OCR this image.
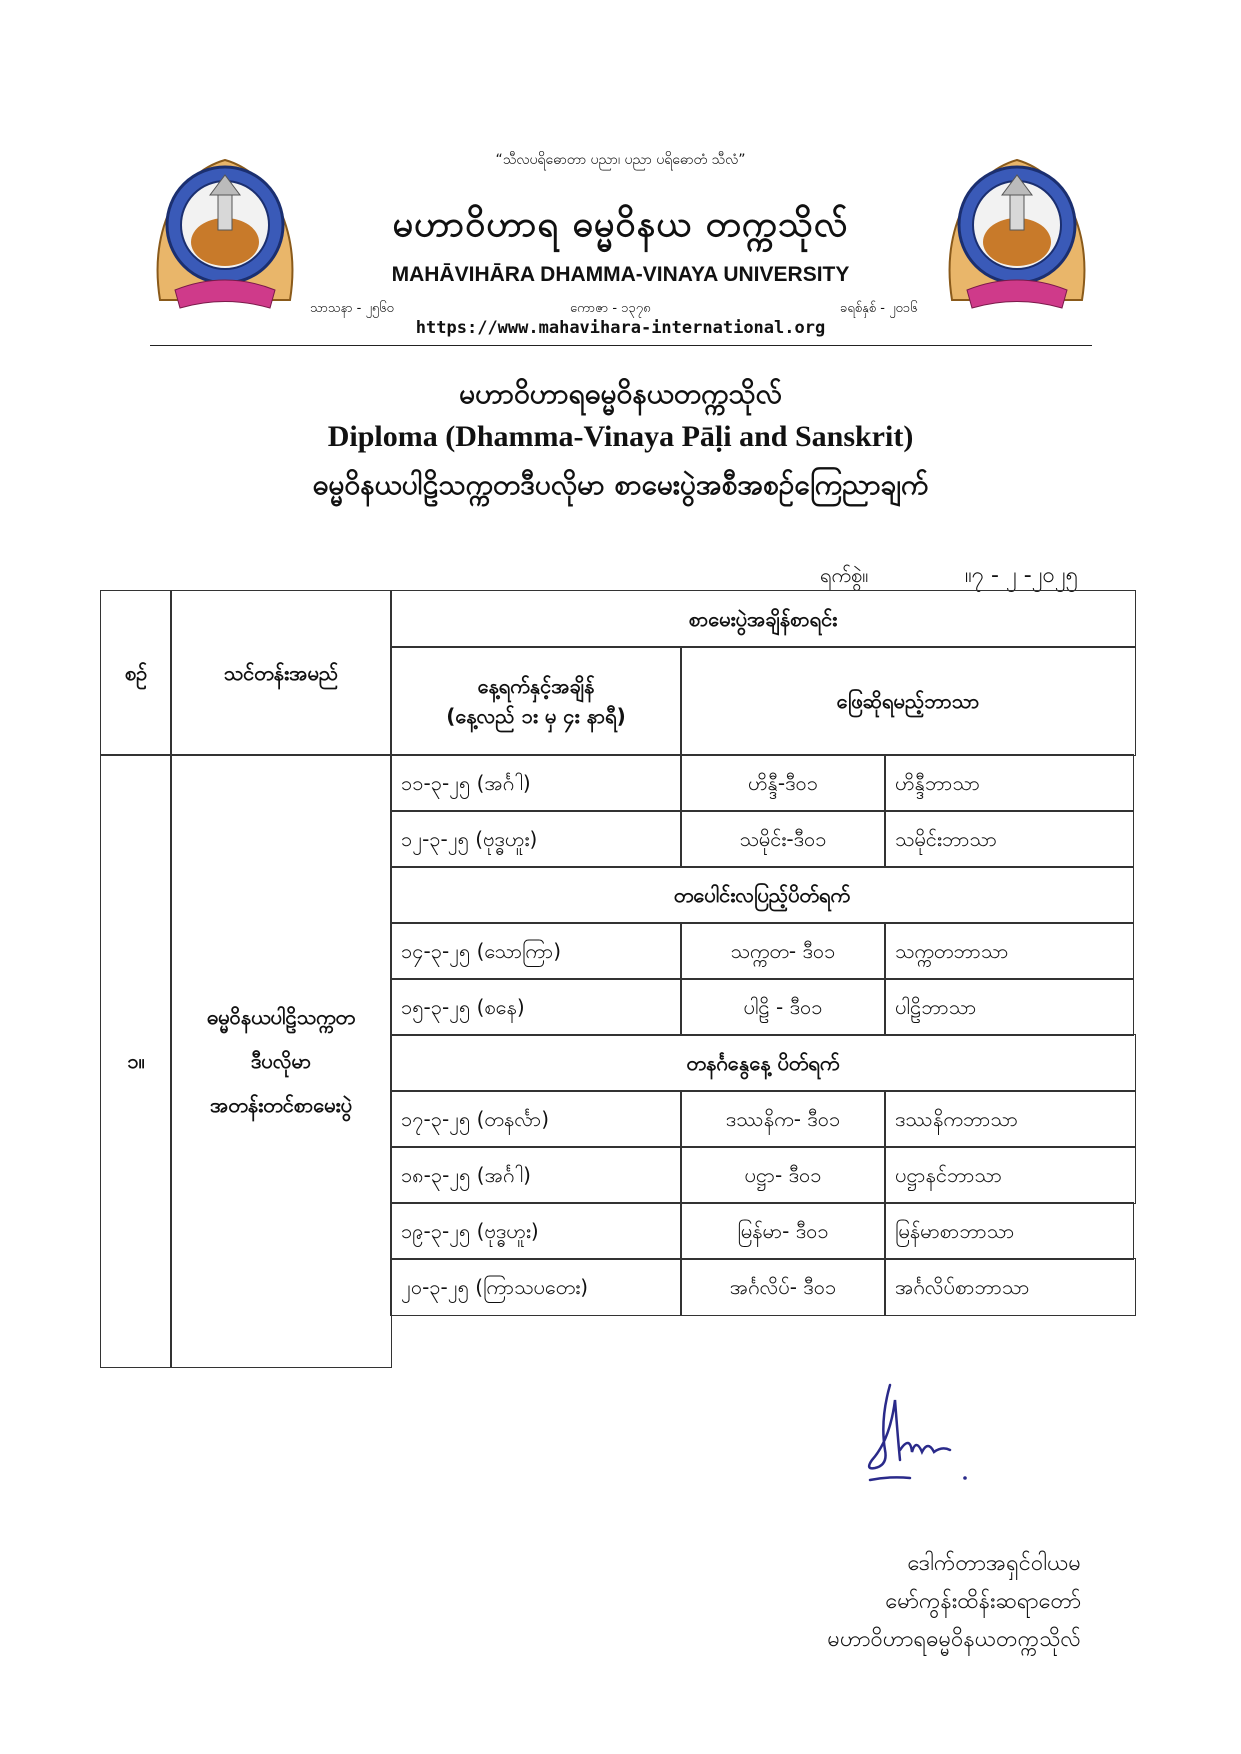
“သီလပရိဓောတာ ပညာ၊ ပညာ ပရိဓောတံ သီလံ”
မဟာဝိဟာရ ဓမ္မဝိနယ တက္ကသိုလ်
MAHĀVIHĀRA DHAMMA-VINAYA UNIVERSITY
သာသနာ - ၂၅၆၀	ကောဇာ - ၁၃၇၈	ခရစ်နှစ် - ၂၀၁၆
https://www.mahavihara-international.org
မဟာဝိဟာရဓမ္မဝိနယတက္ကသိုလ်
Diploma (Dhamma-Vinaya Pāḷi and Sanskrit)
ဓမ္မဝိနယပါဠိသက္ကတဒီပလိုမာ စာမေးပွဲအစီအစဉ်ကြေညာချက်
ရက်စွဲ။	။၇ - ၂ -၂၀၂၅
စဉ်	သင်တန်းအမည်
စာမေးပွဲအချိန်စာရင်း
နေ့ရက်နှင့်အချိန်
(နေ့လည် ၁း မှ ၄း နာရီ)
ဖြေဆိုရမည့်ဘာသာ
၁။
ဓမ္မဝိနယပါဠိသက္ကတ
ဒီပလိုမာ
အတန်းတင်စာမေးပွဲ
၁၁-၃-၂၅ (အင်္ဂါ)	ဟိန္ဒီ-ဒီ၀၁	ဟိန္ဒီဘာသာ
၁၂-၃-၂၅ (ဗုဒ္ဓဟူး)	သမိုင်း-ဒီ၀၁	သမိုင်းဘာသာ
တပေါင်းလပြည့်ပိတ်ရက်
၁၄-၃-၂၅ (သောကြာ)	သက္ကတ- ဒီ၀၁	သက္ကတဘာသာ
၁၅-၃-၂၅ (စနေ)	ပါဠိ - ဒီ၀၁	ပါဠိဘာသာ
တနင်္ဂနွေနေ့ ပိတ်ရက်
၁၇-၃-၂၅ (တနင်္လာ)	ဒဿနိက- ဒီ၀၁	ဒဿနိကဘာသာ
၁၈-၃-၂၅ (အင်္ဂါ)	ပဋ္ဌာ- ဒီ၀၁	ပဋ္ဌာနင်ဘာသာ
၁၉-၃-၂၅ (ဗုဒ္ဓဟူး)	မြန်မာ- ဒီ၀၁	မြန်မာစာဘာသာ
၂၀-၃-၂၅ (ကြာသပတေး)	အင်္ဂလိပ်- ဒီ၀၁	အင်္ဂလိပ်စာဘာသာ
ဒေါက်တာအရှင်ဝါယမ
မော်ကွန်းထိန်းဆရာတော်
မဟာဝိဟာရဓမ္မဝိနယတက္ကသိုလ်
